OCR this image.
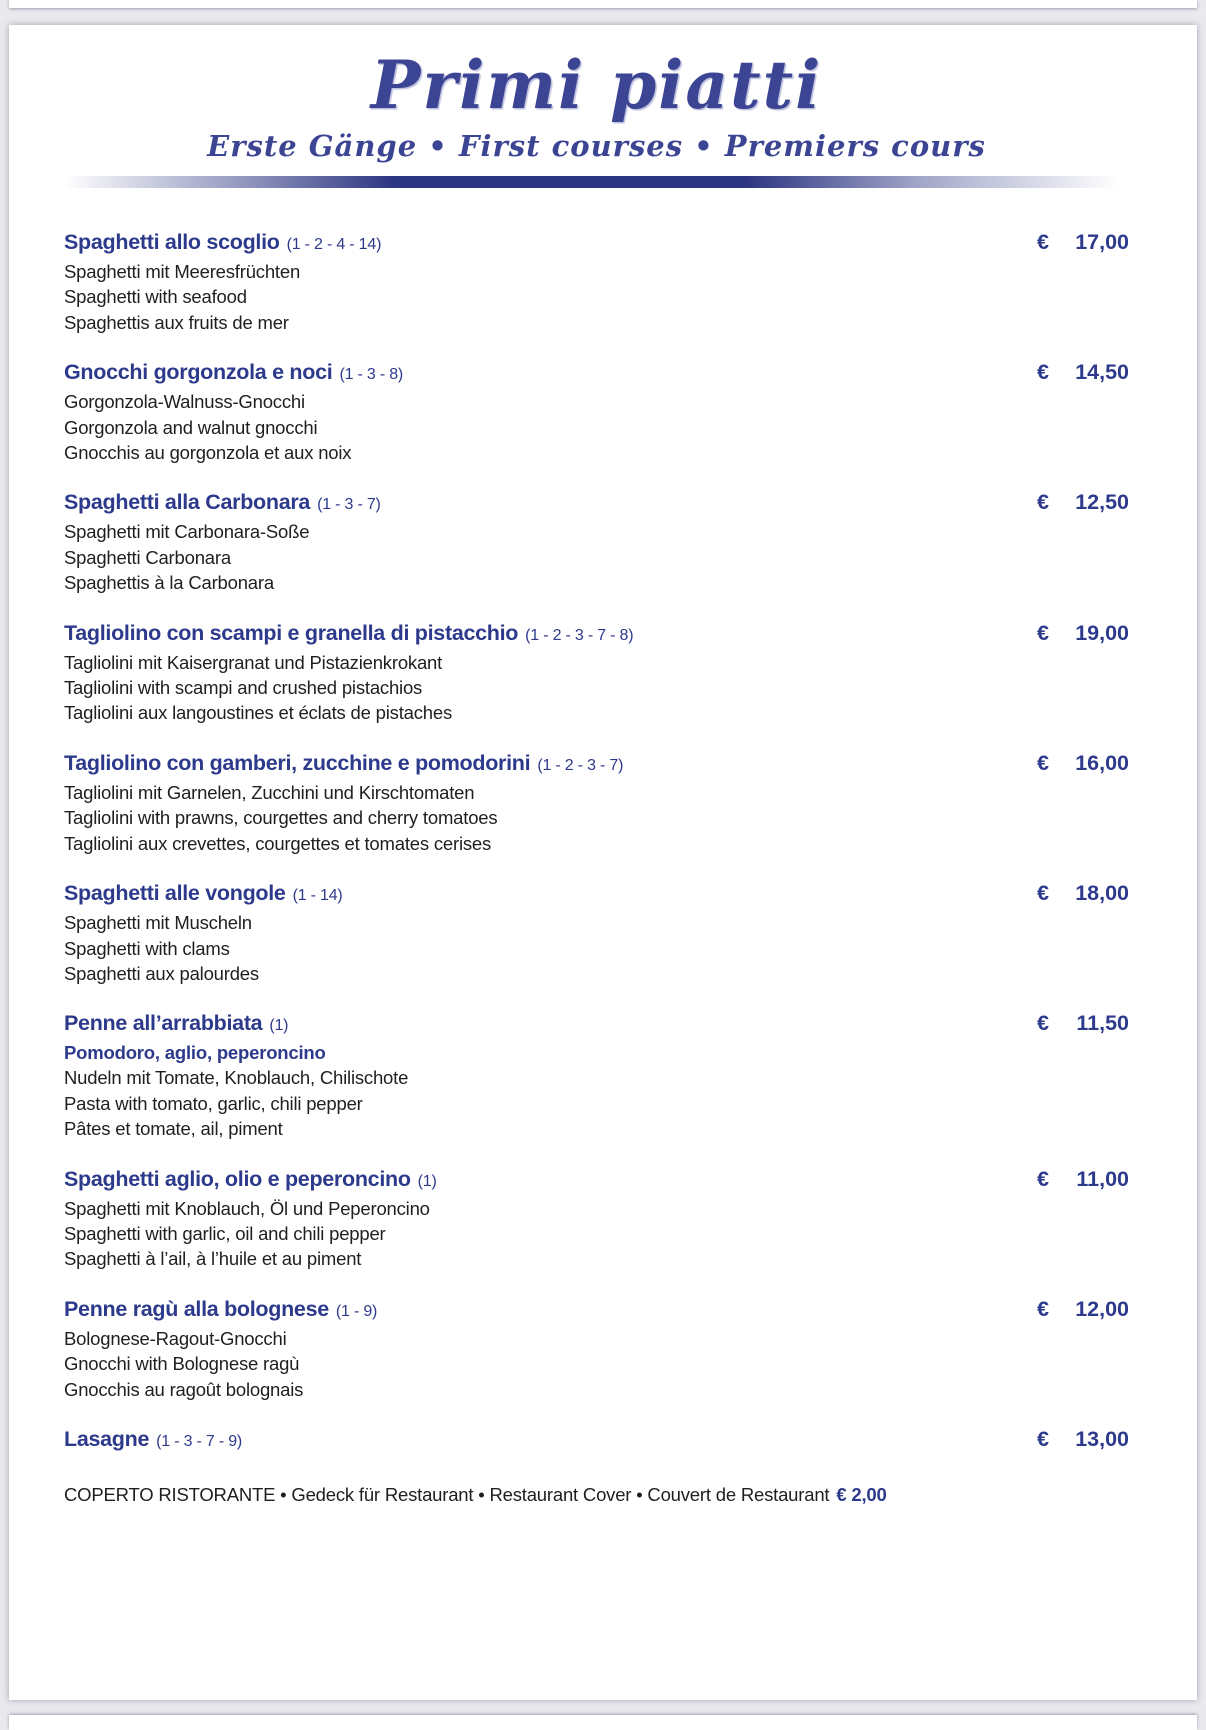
Primi piatti
Erste Gänge • First courses • Premiers cours
Spaghetti allo scoglio (1 - 2 - 4 - 14)	€ 17,00
Spaghetti mit Meeresfrüchten
Spaghetti with seafood
Spaghettis aux fruits de mer
Gnocchi gorgonzola e noci (1 - 3 - 8)	€ 14,50
Gorgonzola-Walnuss-Gnocchi
Gorgonzola and walnut gnocchi
Gnocchis au gorgonzola et aux noix
Spaghetti alla Carbonara (1 - 3 - 7)	€ 12,50
Spaghetti mit Carbonara-Soße
Spaghetti Carbonara
Spaghettis à la Carbonara
Tagliolino con scampi e granella di pistacchio (1 - 2 - 3 - 7 - 8)	€ 19,00
Tagliolini mit Kaisergranat und Pistazienkrokant
Tagliolini with scampi and crushed pistachios
Tagliolini aux langoustines et éclats de pistaches
Tagliolino con gamberi, zucchine e pomodorini (1 - 2 - 3 - 7)	€ 16,00
Tagliolini mit Garnelen, Zucchini und Kirschtomaten
Tagliolini with prawns, courgettes and cherry tomatoes
Tagliolini aux crevettes, courgettes et tomates cerises
Spaghetti alle vongole (1 - 14)	€ 18,00
Spaghetti mit Muscheln
Spaghetti with clams
Spaghetti aux palourdes
Penne all’arrabbiata (1)	€ 11,50
Pomodoro, aglio, peperoncino
Nudeln mit Tomate, Knoblauch, Chilischote
Pasta with tomato, garlic, chili pepper
Pâtes et tomate, ail, piment
Spaghetti aglio, olio e peperoncino (1)	€ 11,00
Spaghetti mit Knoblauch, Öl und Peperoncino
Spaghetti with garlic, oil and chili pepper
Spaghetti à l’ail, à l’huile et au piment
Penne ragù alla bolognese (1 - 9)	€ 12,00
Bolognese-Ragout-Gnocchi
Gnocchi with Bolognese ragù
Gnocchis au ragoût bolognais
Lasagne (1 - 3 - 7 - 9)	€ 13,00
COPERTO RISTORANTE • Gedeck für Restaurant • Restaurant Cover • Couvert de Restaurant € 2,00
